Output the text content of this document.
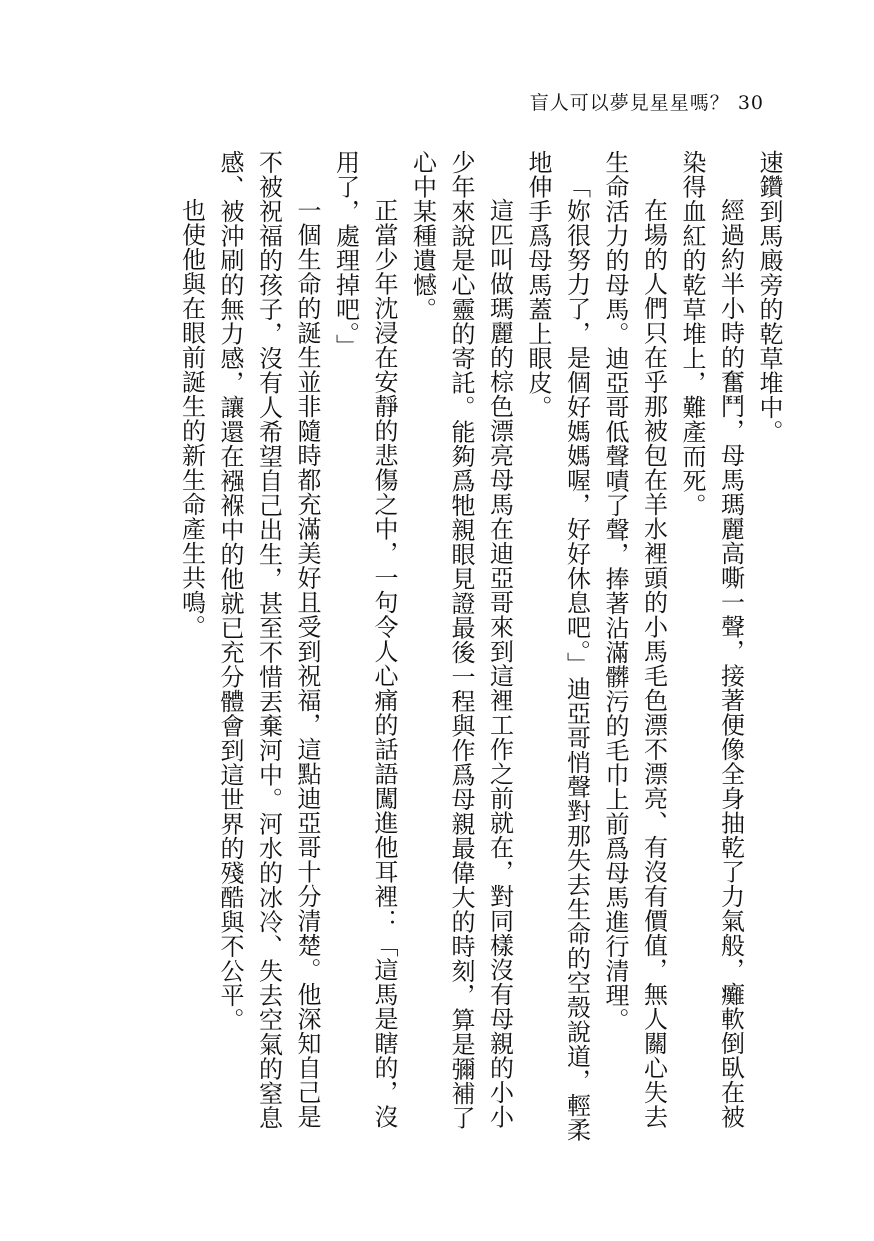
盲人可以夢見星星嗎？ 30

速鑽到馬廄旁的乾草堆中。

經過約半小時的奮鬥，母馬瑪麗高嘶一聲，接著便像全身抽乾了力氣般，癱軟倒臥在被染得血紅的乾草堆上，難產而死。

在場的人們只在乎那被包在羊水裡頭的小馬毛色漂不漂亮、有沒有價值，無人關心失去生命活力的母馬。迪亞哥低聲嘖了聲，捧著沾滿髒污的毛巾上前爲母馬進行清理。

「妳很努力了，是個好媽媽喔，好好休息吧。」迪亞哥悄聲對那失去生命的空殼說道，輕柔地伸手爲母馬蓋上眼皮。

這匹叫做瑪麗的棕色漂亮母馬在迪亞哥來到這裡工作之前就在，對同樣沒有母親的小小少年來說是心靈的寄託。能夠爲牠親眼見證最後一程與作爲母親最偉大的時刻，算是彌補了心中某種遺憾。

正當少年沈浸在安靜的悲傷之中，一句令人心痛的話語闖進他耳裡：「這馬是瞎的，沒用了，處理掉吧。」

一個生命的誕生並非隨時都充滿美好且受到祝福，這點迪亞哥十分清楚。他深知自己是不被祝福的孩子，沒有人希望自己出生，甚至不惜丟棄河中。河水的冰冷、失去空氣的窒息感、被沖刷的無力感，讓還在襁褓中的他就已充分體會到這世界的殘酷與不公平。

也使他與在眼前誕生的新生命產生共鳴。
